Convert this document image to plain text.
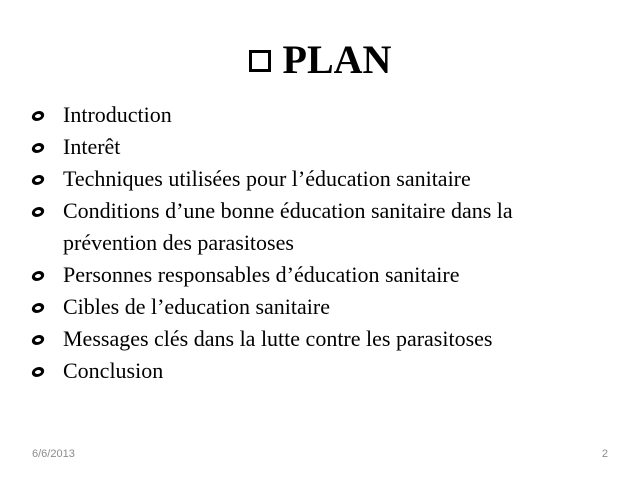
PLAN
Introduction
Interêt
Techniques utilisées pour l’éducation sanitaire
Conditions d’une bonne éducation sanitaire dans la
prévention des parasitoses
Personnes responsables d’éducation sanitaire
Cibles de l’education sanitaire
Messages clés dans la lutte contre les parasitoses
Conclusion
6/6/2013	2
